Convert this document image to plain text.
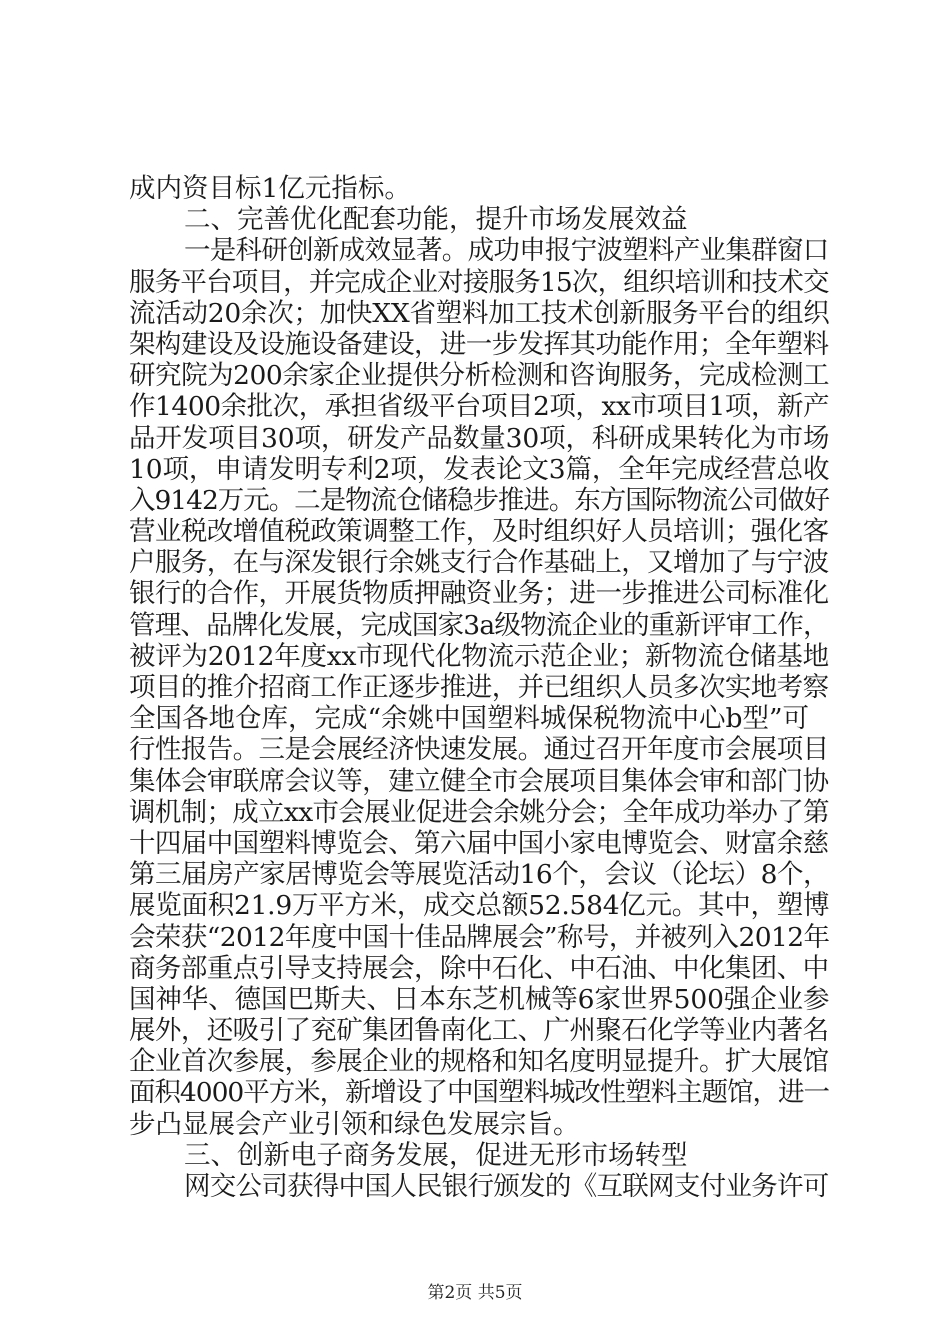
成内资目标1亿元指标。
二、完善优化配套功能，提升市场发展效益
一是科研创新成效显著。成功申报宁波塑料产业集群窗口
服务平台项目，并完成企业对接服务15次，组织培训和技术交
流活动20余次；加快XX省塑料加工技术创新服务平台的组织
架构建设及设施设备建设，进一步发挥其功能作用；全年塑料
研究院为200余家企业提供分析检测和咨询服务，完成检测工
作1400余批次，承担省级平台项目2项，xx市项目1项，新产
品开发项目30项，研发产品数量30项，科研成果转化为市场
10项，申请发明专利2项，发表论文3篇，全年完成经营总收
入9142万元。二是物流仓储稳步推进。东方国际物流公司做好
营业税改增值税政策调整工作，及时组织好人员培训；强化客
户服务，在与深发银行余姚支行合作基础上，又增加了与宁波
银行的合作，开展货物质押融资业务；进一步推进公司标准化
管理、品牌化发展，完成国家3a级物流企业的重新评审工作，
被评为2012年度xx市现代化物流示范企业；新物流仓储基地
项目的推介招商工作正逐步推进，并已组织人员多次实地考察
全国各地仓库，完成“余姚中国塑料城保税物流中心b型”可
行性报告。三是会展经济快速发展。通过召开年度市会展项目
集体会审联席会议等，建立健全市会展项目集体会审和部门协
调机制；成立xx市会展业促进会余姚分会；全年成功举办了第
十四届中国塑料博览会、第六届中国小家电博览会、财富余慈
第三届房产家居博览会等展览活动16个，会议（论坛）8个，
展览面积21.9万平方米，成交总额52.584亿元。其中，塑博
会荣获“2012年度中国十佳品牌展会”称号，并被列入2012年
商务部重点引导支持展会，除中石化、中石油、中化集团、中
国神华、德国巴斯夫、日本东芝机械等6家世界500强企业参
展外，还吸引了兖矿集团鲁南化工、广州聚石化学等业内著名
企业首次参展，参展企业的规格和知名度明显提升。扩大展馆
面积4000平方米，新增设了中国塑料城改性塑料主题馆，进一
步凸显展会产业引领和绿色发展宗旨。
三、创新电子商务发展，促进无形市场转型
网交公司获得中国人民银行颁发的《互联网支付业务许可
第2页 共5页
